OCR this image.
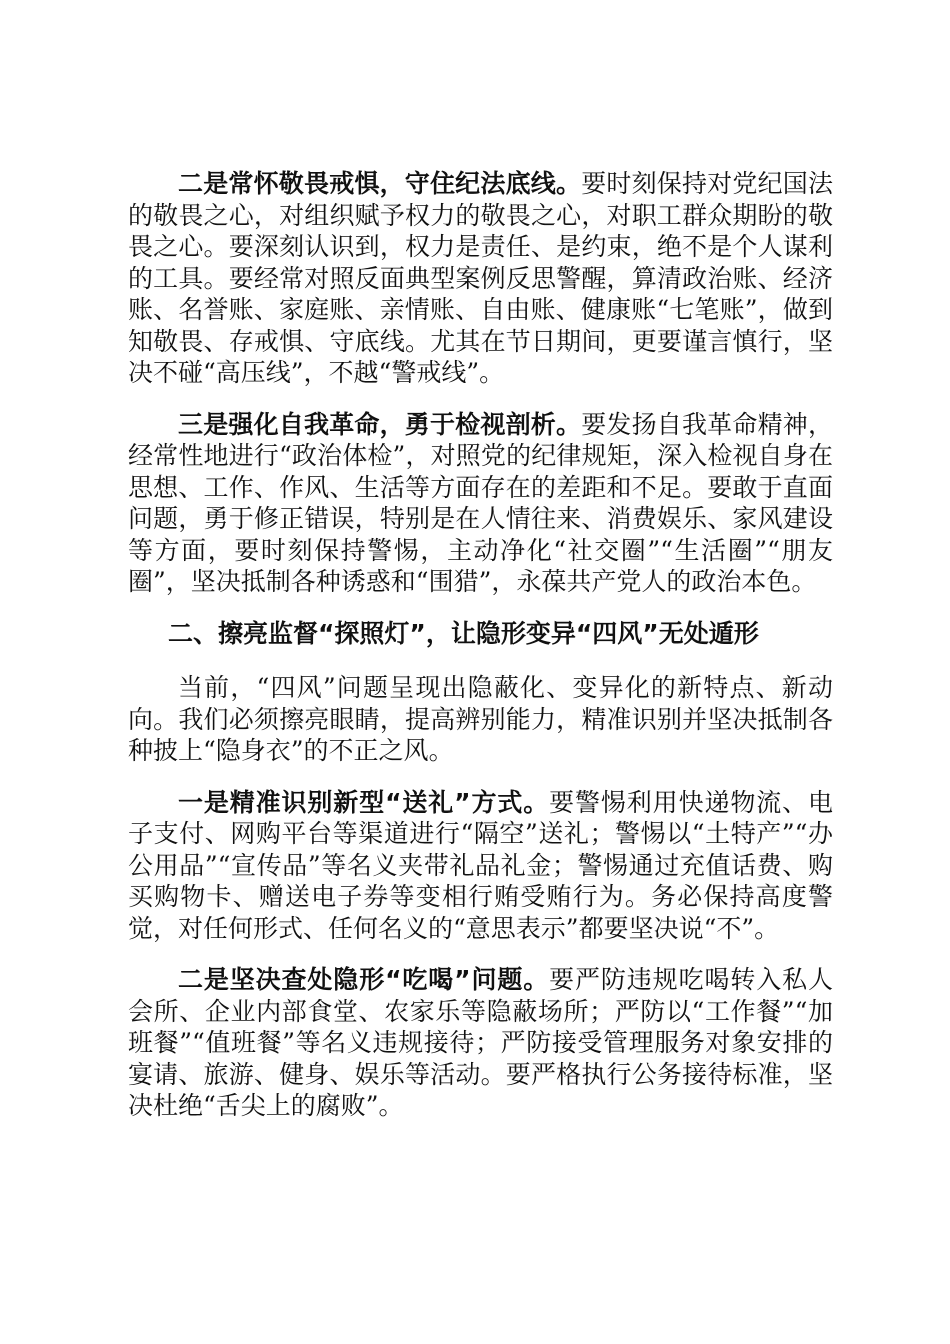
二是常怀敬畏戒惧，守住纪法底线。要时刻保持对党纪国法的敬畏之心，对组织赋予权力的敬畏之心，对职工群众期盼的敬畏之心。要深刻认识到，权力是责任、是约束，绝不是个人谋利的工具。要经常对照反面典型案例反思警醒，算清政治账、经济账、名誉账、家庭账、亲情账、自由账、健康账“七笔账”，做到知敬畏、存戒惧、守底线。尤其在节日期间，更要谨言慎行，坚决不碰“高压线”，不越“警戒线”。

三是强化自我革命，勇于检视剖析。要发扬自我革命精神，经常性地进行“政治体检”，对照党的纪律规矩，深入检视自身在思想、工作、作风、生活等方面存在的差距和不足。要敢于直面问题，勇于修正错误，特别是在人情往来、消费娱乐、家风建设等方面，要时刻保持警惕，主动净化“社交圈”“生活圈”“朋友圈”，坚决抵制各种诱惑和“围猎”，永葆共产党人的政治本色。

二、擦亮监督“探照灯”，让隐形变异“四风”无处遁形

当前，“四风”问题呈现出隐蔽化、变异化的新特点、新动向。我们必须擦亮眼睛，提高辨别能力，精准识别并坚决抵制各种披上“隐身衣”的不正之风。

一是精准识别新型“送礼”方式。要警惕利用快递物流、电子支付、网购平台等渠道进行“隔空”送礼；警惕以“土特产”“办公用品”“宣传品”等名义夹带礼品礼金；警惕通过充值话费、购买购物卡、赠送电子券等变相行贿受贿行为。务必保持高度警觉，对任何形式、任何名义的“意思表示”都要坚决说“不”。

二是坚决查处隐形“吃喝”问题。要严防违规吃喝转入私人会所、企业内部食堂、农家乐等隐蔽场所；严防以“工作餐”“加班餐”“值班餐”等名义违规接待；严防接受管理服务对象安排的宴请、旅游、健身、娱乐等活动。要严格执行公务接待标准，坚决杜绝“舌尖上的腐败”。
